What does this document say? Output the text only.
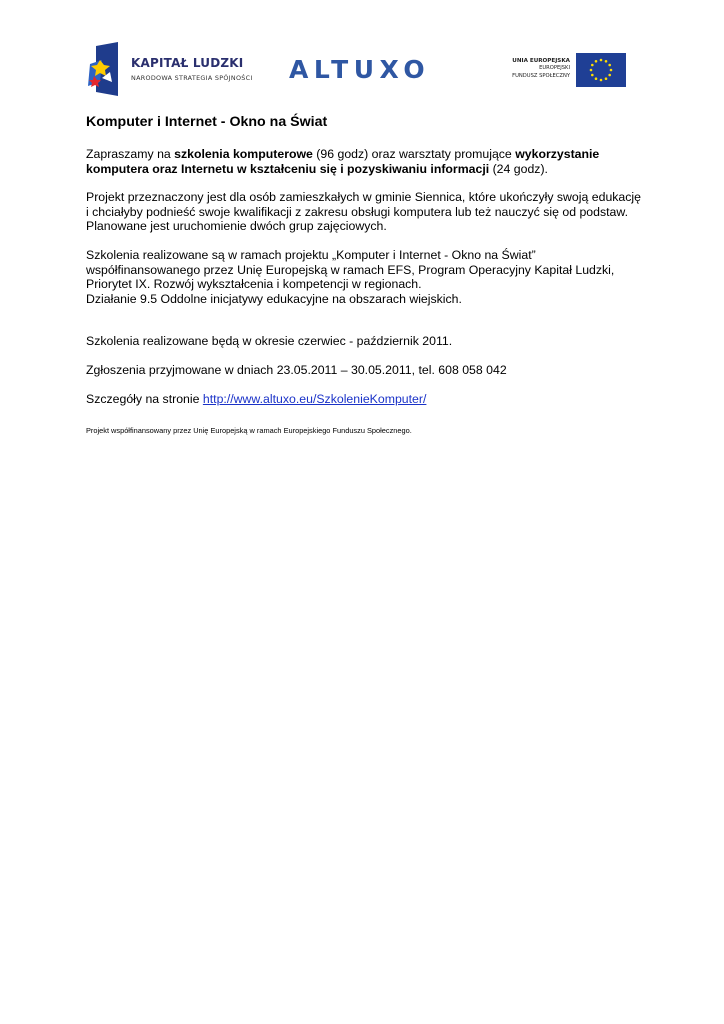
KAPITAŁ LUDZKI
NARODOWA STRATEGIA SPÓJNOŚCI ALTUXO	UNIA EUROPEJSKA
EUROPEJSKI
FUNDUSZ SPOŁECZNY
Komputer i Internet - Okno na Świat

Zapraszamy na szkolenia komputerowe (96 godz) oraz warsztaty promujące wykorzystanie
komputera oraz Internetu w kształceniu się i pozyskiwaniu informacji (24 godz).

Projekt przeznaczony jest dla osób zamieszkałych w gminie Siennica, które ukończyły swoją edukację
i chciałyby podnieść swoje kwalifikacji z zakresu obsługi komputera lub też nauczyć się od podstaw.
Planowane jest uruchomienie dwóch grup zajęciowych.

Szkolenia realizowane są w ramach projektu „Komputer i Internet - Okno na Świat”
współfinansowanego przez Unię Europejską w ramach EFS, Program Operacyjny Kapitał Ludzki,
Priorytet IX. Rozwój wykształcenia i kompetencji w regionach.
Działanie 9.5 Oddolne inicjatywy edukacyjne na obszarach wiejskich.

Szkolenia realizowane będą w okresie czerwiec - październik 2011.

Zgłoszenia przyjmowane w dniach 23.05.2011 – 30.05.2011, tel. 608 058 042

Szczegóły na stronie http://www.altuxo.eu/SzkolenieKomputer/

Projekt współfinansowany przez Unię Europejską w ramach Europejskiego Funduszu Społecznego.
